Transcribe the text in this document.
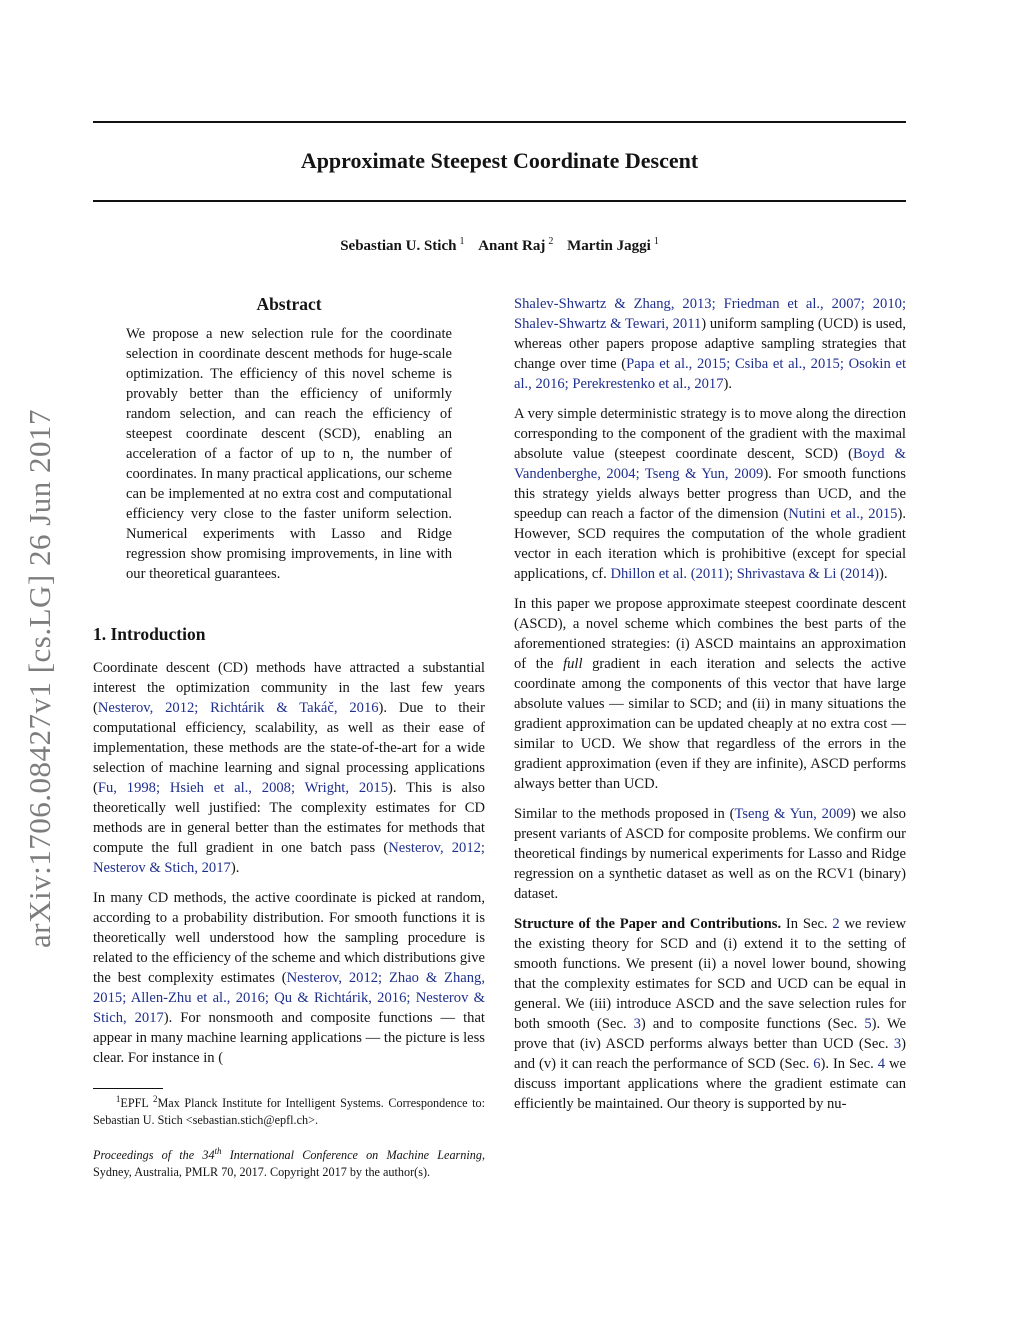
arXiv:1706.08427v1 [cs.LG] 26 Jun 2017
Approximate Steepest Coordinate Descent
Sebastian U. Stich $^1$ Anant Raj $^2$ Martin Jaggi $^1$
Abstract

We propose a new selection rule for the coordinate selection in coordinate descent methods for huge-scale optimization. The efficiency of this novel scheme is provably better than the efficiency of uniformly random selection, and can reach the efficiency of steepest coordinate descent (SCD), enabling an acceleration of a factor of up to n, the number of coordinates. In many practical applications, our scheme can be implemented at no extra cost and computational efficiency very close to the faster uniform selection. Numerical experiments with Lasso and Ridge regression show promising improvements, in line with our theoretical guarantees.

1. Introduction

Coordinate descent (CD) methods have attracted a substantial interest the optimization community in the last few years (Nesterov, 2012; Richtárik & Takáč, 2016). Due to their computational efficiency, scalability, as well as their ease of implementation, these methods are the state-of-the-art for a wide selection of machine learning and signal processing applications (Fu, 1998; Hsieh et al., 2008; Wright, 2015). This is also theoretically well justified: The complexity estimates for CD methods are in general better than the estimates for methods that compute the full gradient in one batch pass (Nesterov, 2012; Nesterov & Stich, 2017).

In many CD methods, the active coordinate is picked at random, according to a probability distribution. For smooth functions it is theoretically well understood how the sampling procedure is related to the efficiency of the scheme and which distributions give the best complexity estimates (Nesterov, 2012; Zhao & Zhang, 2015; Allen-Zhu et al., 2016; Qu & Richtárik, 2016; Nesterov & Stich, 2017). For nonsmooth and composite functions — that appear in many machine learning applications — the picture is less clear. For instance in (

$^1$EPFL $^2$Max Planck Institute for Intelligent Systems. Correspondence to: Sebastian U. Stich <sebastian.stich@epfl.ch>.

Proceedings of the 34th International Conference on Machine Learning, Sydney, Australia, PMLR 70, 2017. Copyright 2017 by the author(s).

Shalev-Shwartz & Zhang, 2013; Friedman et al., 2007; 2010; Shalev-Shwartz & Tewari, 2011) uniform sampling (UCD) is used, whereas other papers propose adaptive sampling strategies that change over time (Papa et al., 2015; Csiba et al., 2015; Osokin et al., 2016; Perekrestenko et al., 2017).

A very simple deterministic strategy is to move along the direction corresponding to the component of the gradient with the maximal absolute value (steepest coordinate descent, SCD) (Boyd & Vandenberghe, 2004; Tseng & Yun, 2009). For smooth functions this strategy yields always better progress than UCD, and the speedup can reach a factor of the dimension (Nutini et al., 2015). However, SCD requires the computation of the whole gradient vector in each iteration which is prohibitive (except for special applications, cf. Dhillon et al. (2011); Shrivastava & Li (2014)).

In this paper we propose approximate steepest coordinate descent (ASCD), a novel scheme which combines the best parts of the aforementioned strategies: (i) ASCD maintains an approximation of the full gradient in each iteration and selects the active coordinate among the components of this vector that have large absolute values — similar to SCD; and (ii) in many situations the gradient approximation can be updated cheaply at no extra cost — similar to UCD. We show that regardless of the errors in the gradient approximation (even if they are infinite), ASCD performs always better than UCD.

Similar to the methods proposed in (Tseng & Yun, 2009) we also present variants of ASCD for composite problems. We confirm our theoretical findings by numerical experiments for Lasso and Ridge regression on a synthetic dataset as well as on the RCV1 (binary) dataset.

Structure of the Paper and Contributions. In Sec. 2 we review the existing theory for SCD and (i) extend it to the setting of smooth functions. We present (ii) a novel lower bound, showing that the complexity estimates for SCD and UCD can be equal in general. We (iii) introduce ASCD and the save selection rules for both smooth (Sec. 3) and to composite functions (Sec. 5). We prove that (iv) ASCD performs always better than UCD (Sec. 3) and (v) it can reach the performance of SCD (Sec. 6). In Sec. 4 we discuss important applications where the gradient estimate can efficiently be maintained. Our theory is supported by nu-
